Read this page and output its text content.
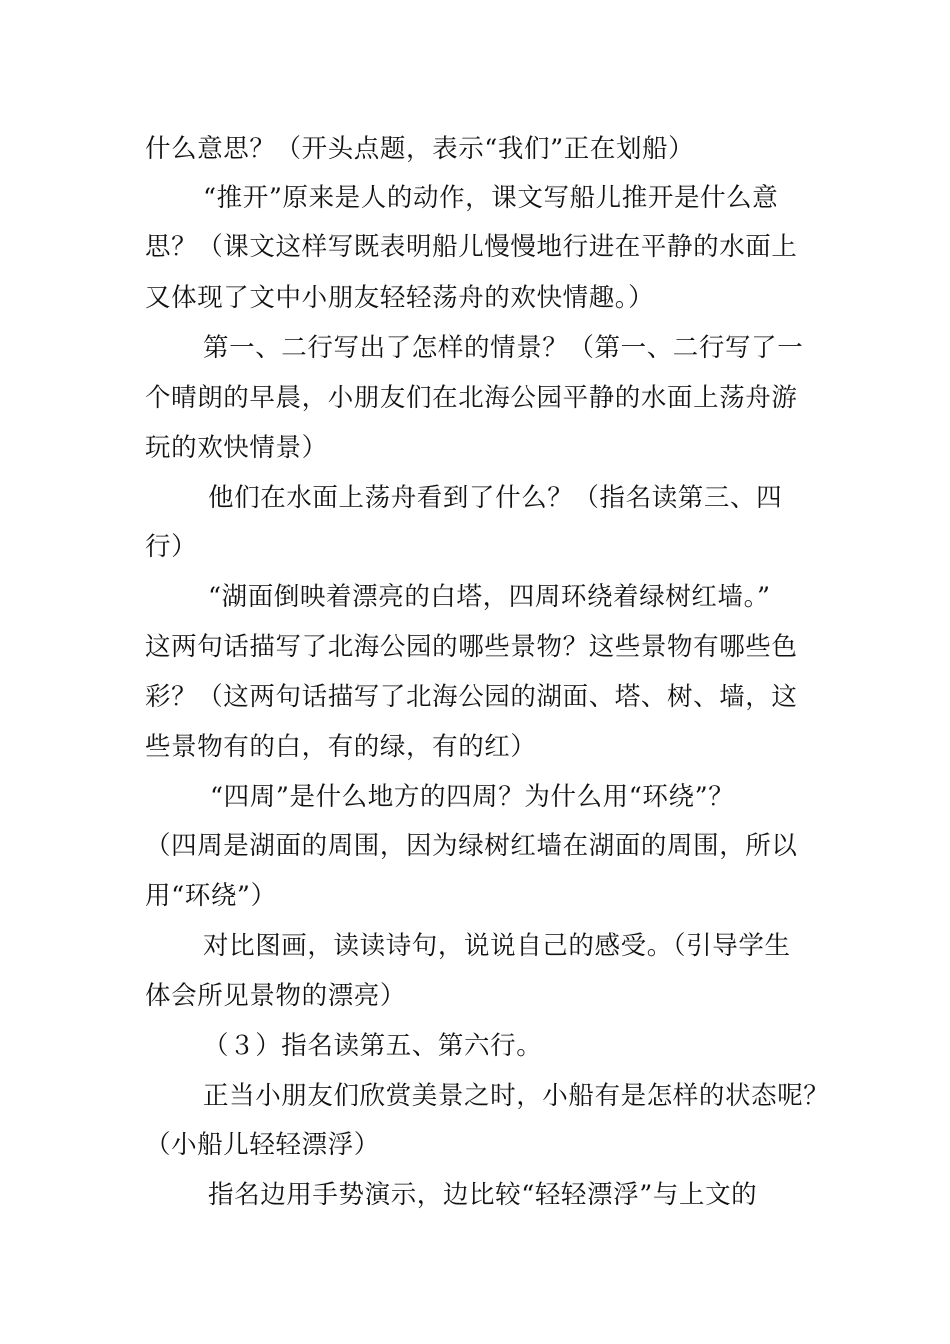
什么意思？（开头点题，表示“我们”正在划船）
“推开”原来是人的动作，课文写船儿推开是什么意
思？（课文这样写既表明船儿慢慢地行进在平静的水面上
又体现了文中小朋友轻轻荡舟的欢快情趣。）
第一、二行写出了怎样的情景？（第一、二行写了一
个晴朗的早晨，小朋友们在北海公园平静的水面上荡舟游
玩的欢快情景）
他们在水面上荡舟看到了什么？（指名读第三、四
行）
“湖面倒映着漂亮的白塔，四周环绕着绿树红墙。”
这两句话描写了北海公园的哪些景物？这些景物有哪些色
彩？（这两句话描写了北海公园的湖面、塔、树、墙，这
些景物有的白，有的绿，有的红）
“四周”是什么地方的四周？为什么用“环绕”？
（四周是湖面的周围，因为绿树红墙在湖面的周围，所以
用“环绕”）
对比图画，读读诗句，说说自己的感受。（引导学生
体会所见景物的漂亮）
（３）指名读第五、第六行。
正当小朋友们欣赏美景之时，小船有是怎样的状态呢？
（小船儿轻轻漂浮）
指名边用手势演示，边比较“轻轻漂浮”与上文的
